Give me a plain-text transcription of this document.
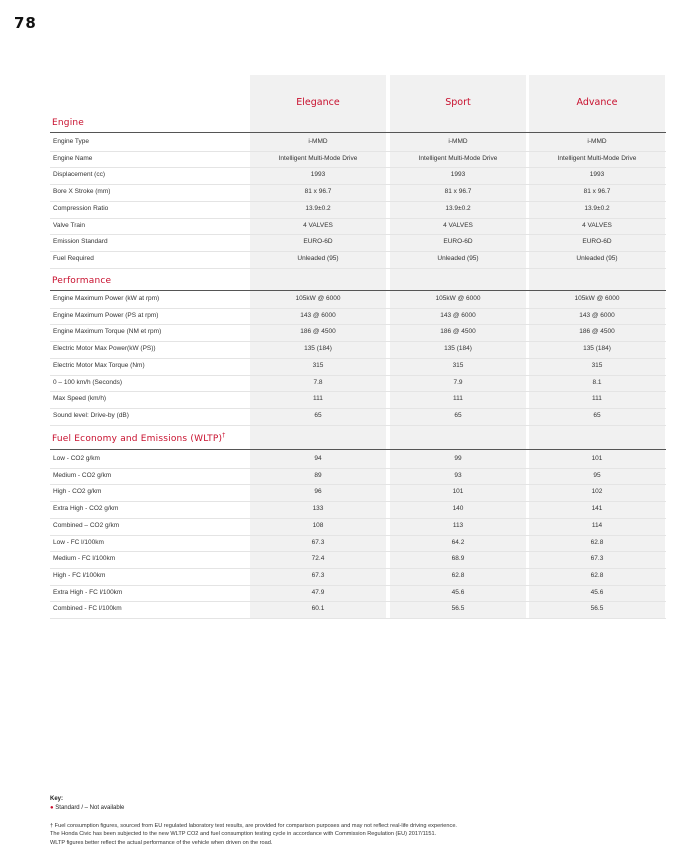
78
Elegance	Sport	Advance
Engine
Engine Type	i-MMD	i-MMD	i-MMD
Engine Name	Intelligent Multi-Mode Drive	Intelligent Multi-Mode Drive	Intelligent Multi-Mode Drive
Displacement (cc)	1993	1993	1993
Bore X Stroke (mm)	81 x 96.7	81 x 96.7	81 x 96.7
Compression Ratio	13.9±0.2	13.9±0.2	13.9±0.2
Valve Train	4 VALVES	4 VALVES	4 VALVES
Emission Standard	EURO-6D	EURO-6D	EURO-6D
Fuel Required	Unleaded (95)	Unleaded (95)	Unleaded (95)
Performance
Engine Maximum Power (kW at rpm)	105kW @ 6000	105kW @ 6000	105kW @ 6000
Engine Maximum Power (PS at rpm)	143 @ 6000	143 @ 6000	143 @ 6000
Engine Maximum Torque (NM et rpm)	186 @ 4500	186 @ 4500	186 @ 4500
Electric Motor Max Power(kW (PS))	135 (184)	135 (184)	135 (184)
Electric Motor Max Torque (Nm)	315	315	315
0 – 100 km/h (Seconds)	7.8	7.9	8.1
Max Speed (km/h)	111	111	111
Sound level: Drive-by (dB)	65	65	65
Fuel Economy and Emissions (WLTP)†
Low - CO2 g/km	94	99	101
Medium - CO2 g/km	89	93	95
High - CO2 g/km	96	101	102
Extra High - CO2 g/km	133	140	141
Combined – CO2 g/km	108	113	114
Low - FC l/100km	67.3	64.2	62.8
Medium - FC l/100km	72.4	68.9	67.3
High - FC l/100km	67.3	62.8	62.8
Extra High - FC l/100km	47.9	45.6	45.6
Combined - FC l/100km	60.1	56.5	56.5
Key:
● Standard / – Not available
† Fuel consumption figures, sourced from EU regulated laboratory test results, are provided for comparison purposes and may not reflect real-life driving experience.
The Honda Civic has been subjected to the new WLTP CO2 and fuel consumption testing cycle in accordance with Commission Regulation (EU) 2017/1151.
WLTP figures better reflect the actual performance of the vehicle when driven on the road.
